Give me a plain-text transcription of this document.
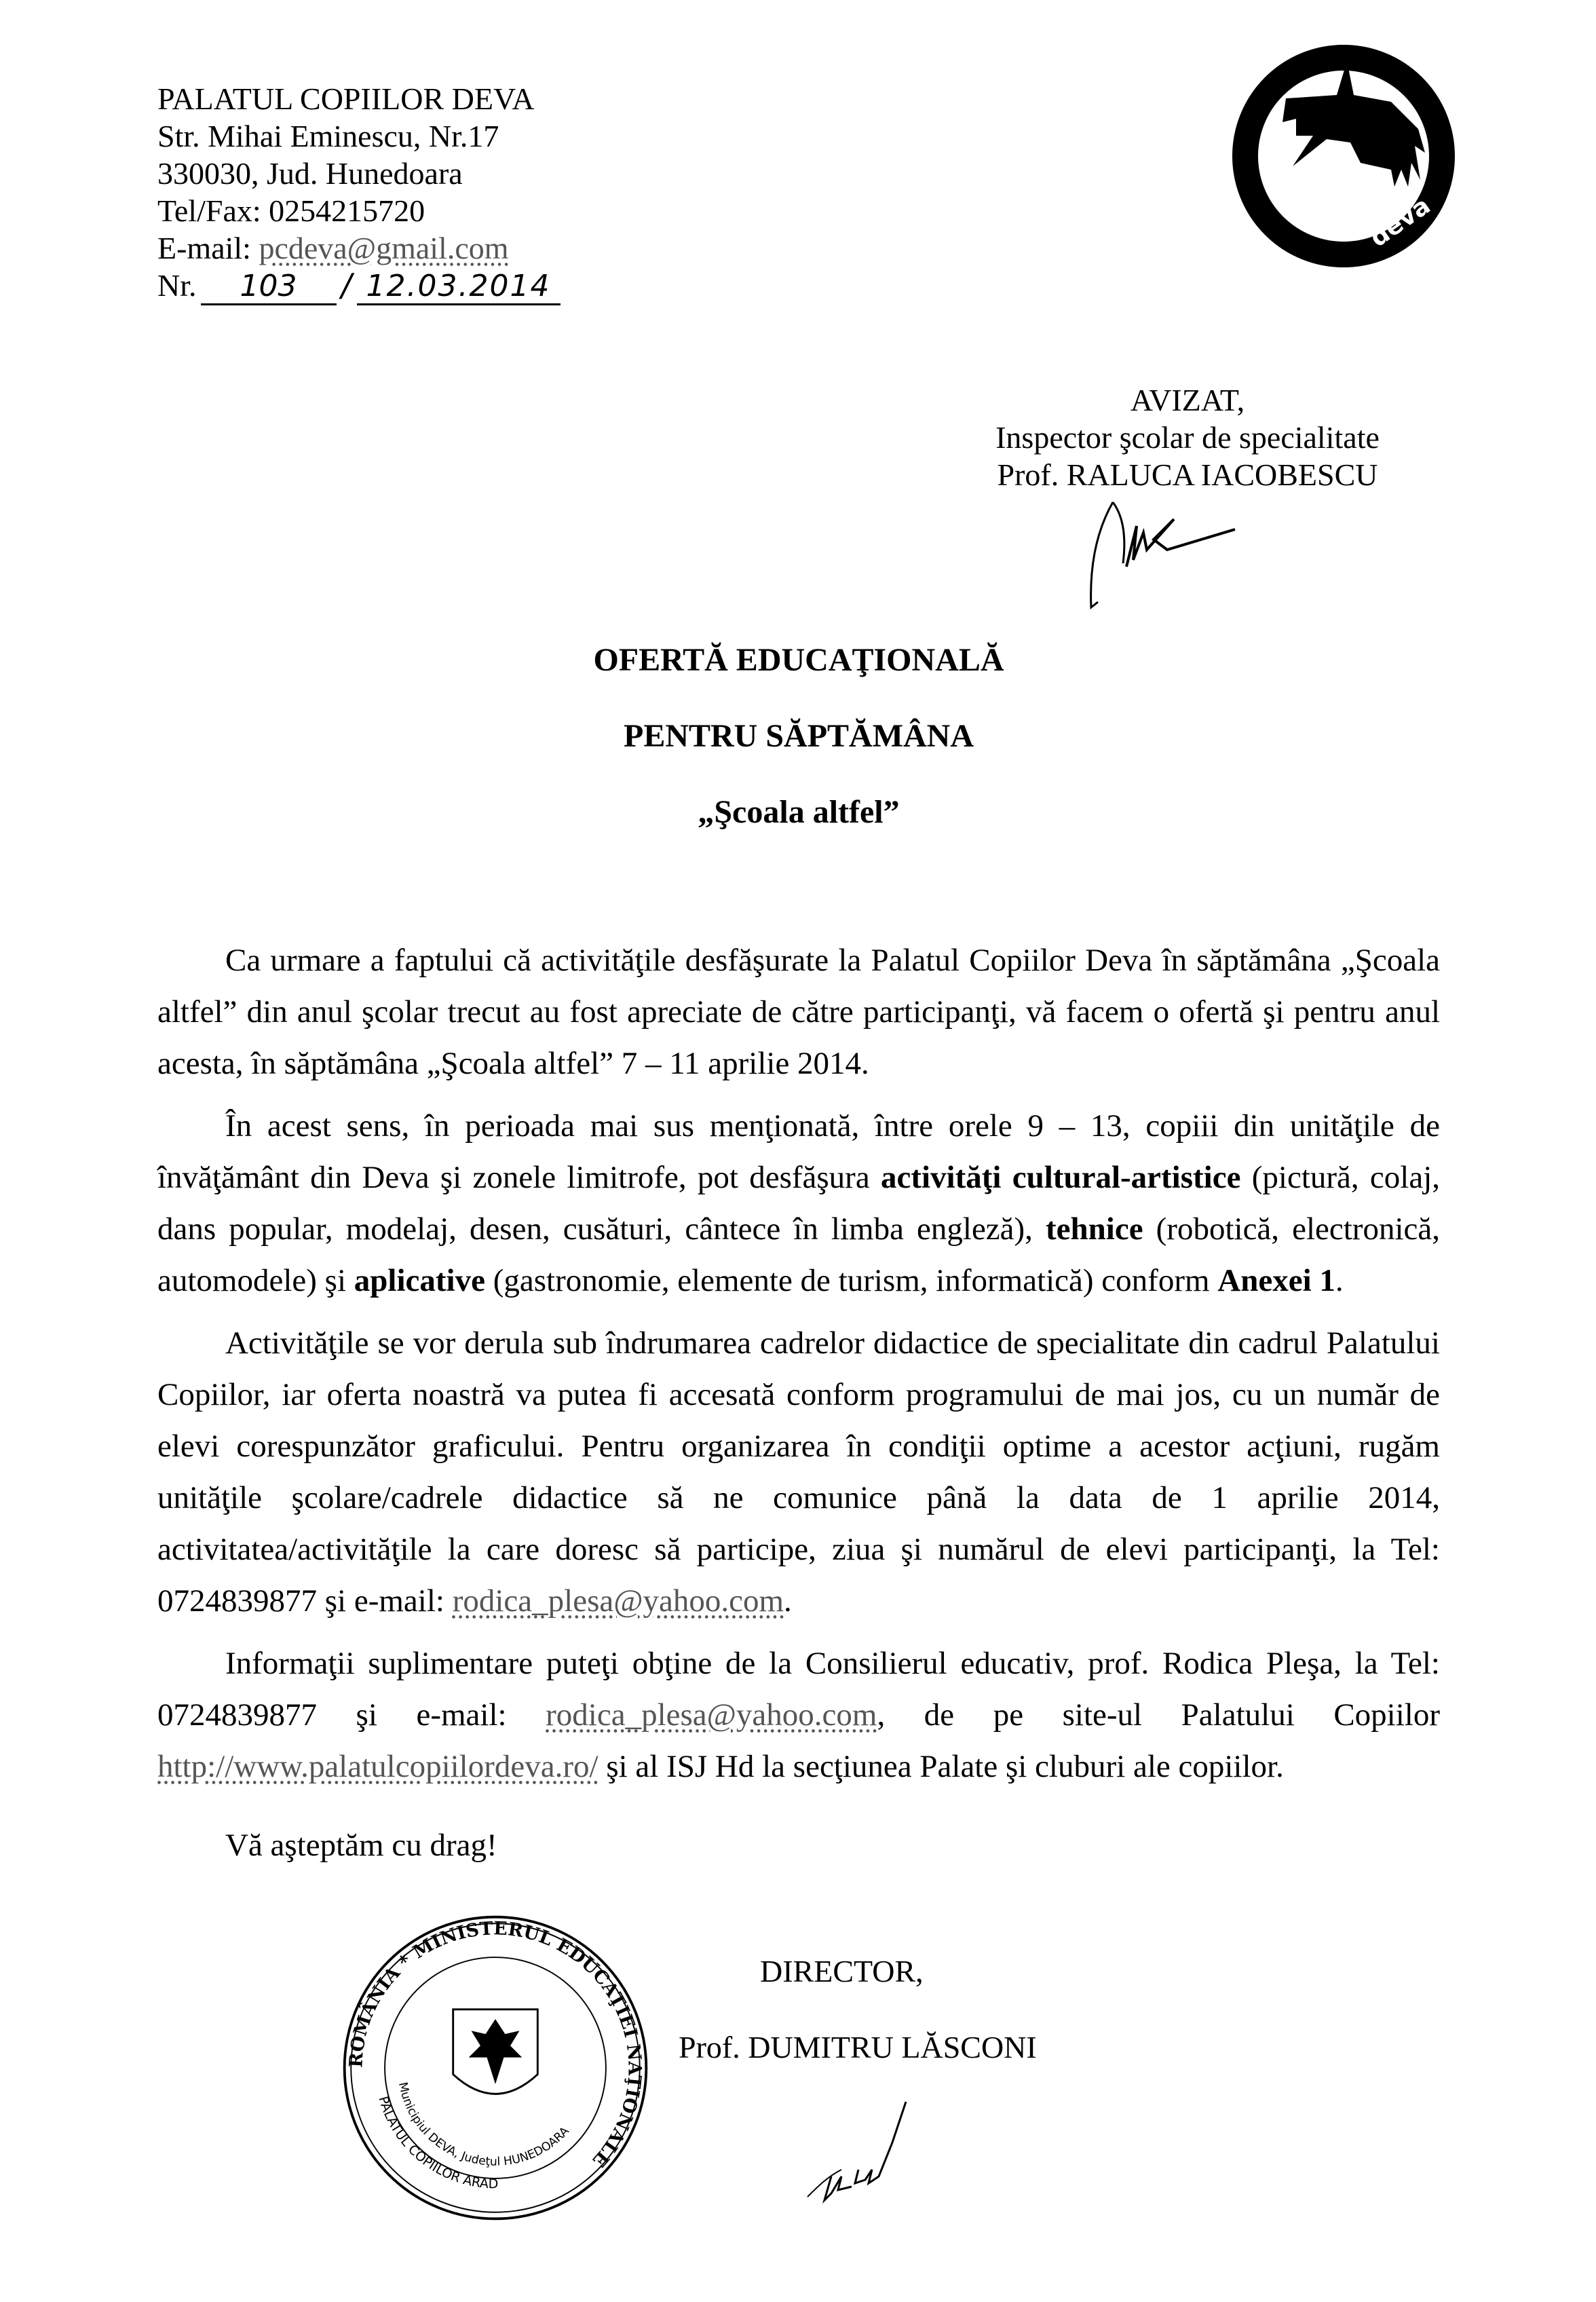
PALATUL COPIILOR DEVA
Str. Mihai Eminescu, Nr.17
330030, Jud. Hunedoara
Tel/Fax: 0254215720
E-mail: pcdeva@gmail.com
Nr. 103 / 12.03.2014
deva
AVIZAT,
Inspector şcolar de specialitate
Prof. RALUCA IACOBESCU
OFERTĂ EDUCAŢIONALĂ
PENTRU SĂPTĂMÂNA
„Şcoala altfel”

Ca urmare a faptului că activităţile desfăşurate la Palatul Copiilor Deva în săptămâna „Şcoala altfel” din anul şcolar trecut au fost apreciate de către participanţi, vă facem o ofertă şi pentru anul acesta, în săptămâna „Şcoala altfel” 7 – 11 aprilie 2014.

În acest sens, în perioada mai sus menţionată, între orele 9 – 13, copiii din unităţile de învăţământ din Deva şi zonele limitrofe, pot desfăşura activităţi cultural-artistice (pictură, colaj, dans popular, modelaj, desen, cusături, cântece în limba engleză), tehnice (robotică, electronică, automodele) şi aplicative (gastronomie, elemente de turism, informatică) conform Anexei 1.

Activităţile se vor derula sub îndrumarea cadrelor didactice de specialitate din cadrul Palatului Copiilor, iar oferta noastră va putea fi accesată conform programului de mai jos, cu un număr de elevi corespunzător graficului. Pentru organizarea în condiţii optime a acestor acţiuni, rugăm unităţile şcolare/cadrele didactice să ne comunice până la data de 1 aprilie 2014, activitatea/activităţile la care doresc să participe, ziua şi numărul de elevi participanţi, la Tel: 0724839877 şi e-mail: rodica_plesa@yahoo.com.

Informaţii suplimentare puteţi obţine de la Consilierul educativ, prof. Rodica Pleşa, la Tel: 0724839877 şi e-mail: rodica_plesa@yahoo.com, de pe site-ul Palatului Copiilor http://www.palatulcopiilordeva.ro/ şi al ISJ Hd la secţiunea Palate şi cluburi ale copiilor.

Vă aşteptăm cu drag!
ROMÂNIA * MINISTERUL EDUCAŢIEI NAŢIONALE
PALATUL COPIILOR ARAD
Municipiul DEVA, Judeţul HUNEDOARA
DIRECTOR,
Prof. DUMITRU LĂSCONI
